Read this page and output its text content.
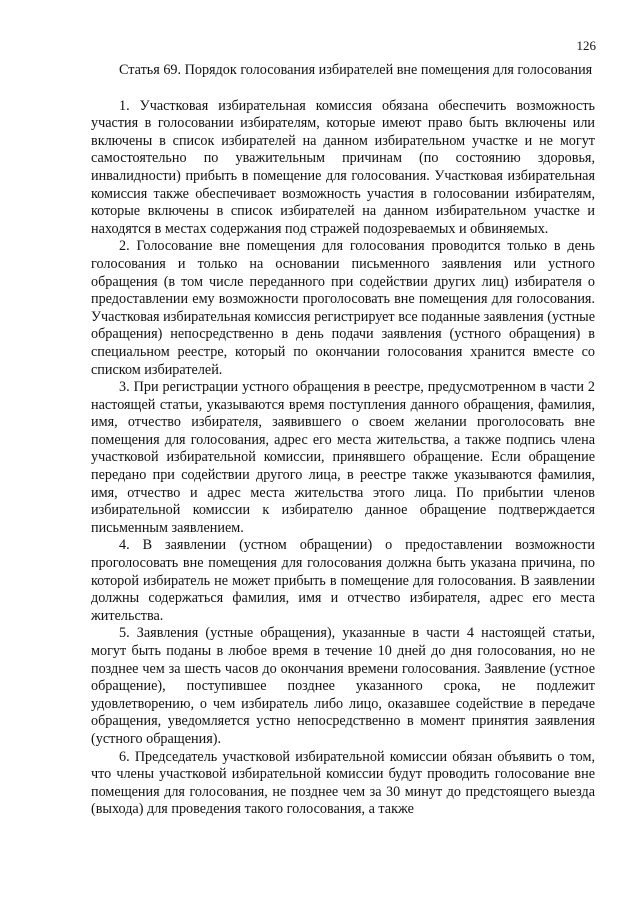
126
Статья 69. Порядок голосования избирателей вне помещения для голосования

1. Участковая избирательная комиссия обязана обеспечить возможность участия в голосовании избирателям, которые имеют право быть включены или включены в список избирателей на данном избирательном участке и не могут самостоятельно по уважительным причинам (по состоянию здоровья, инвалидности) прибыть в помещение для голосования. Участковая избирательная комиссия также обеспечивает возможность участия в голосовании избирателям, которые включены в список избирателей на данном избирательном участке и находятся в местах содержания под стражей подозреваемых и обвиняемых.

2. Голосование вне помещения для голосования проводится только в день голосования и только на основании письменного заявления или устного обращения (в том числе переданного при содействии других лиц) избирателя о предоставлении ему возможности проголосовать вне помещения для голосования. Участковая избирательная комиссия регистрирует все поданные заявления (устные обращения) непосредственно в день подачи заявления (устного обращения) в специальном реестре, который по окончании голосования хранится вместе со списком избирателей.

3. При регистрации устного обращения в реестре, предусмотренном в части 2 настоящей статьи, указываются время поступления данного обращения, фамилия, имя, отчество избирателя, заявившего о своем желании проголосовать вне помещения для голосования, адрес его места жительства, а также подпись члена участковой избирательной комиссии, принявшего обращение. Если обращение передано при содействии другого лица, в реестре также указываются фамилия, имя, отчество и адрес места жительства этого лица. По прибытии членов избирательной комиссии к избирателю данное обращение подтверждается письменным заявлением.

4. В заявлении (устном обращении) о предоставлении возможности проголосовать вне помещения для голосования должна быть указана причина, по которой избиратель не может прибыть в помещение для голосования. В заявлении должны содержаться фамилия, имя и отчество избирателя, адрес его места жительства.

5. Заявления (устные обращения), указанные в части 4 настоящей статьи, могут быть поданы в любое время в течение 10 дней до дня голосования, но не позднее чем за шесть часов до окончания времени голосования. Заявление (устное обращение), поступившее позднее указанного срока, не подлежит удовлетворению, о чем избиратель либо лицо, оказавшее содействие в передаче обращения, уведомляется устно непосредственно в момент принятия заявления (устного обращения).

6. Председатель участковой избирательной комиссии обязан объявить о том, что члены участковой избирательной комиссии будут проводить голосование вне помещения для голосования, не позднее чем за 30 минут до предстоящего выезда (выхода) для проведения такого голосования, а также
